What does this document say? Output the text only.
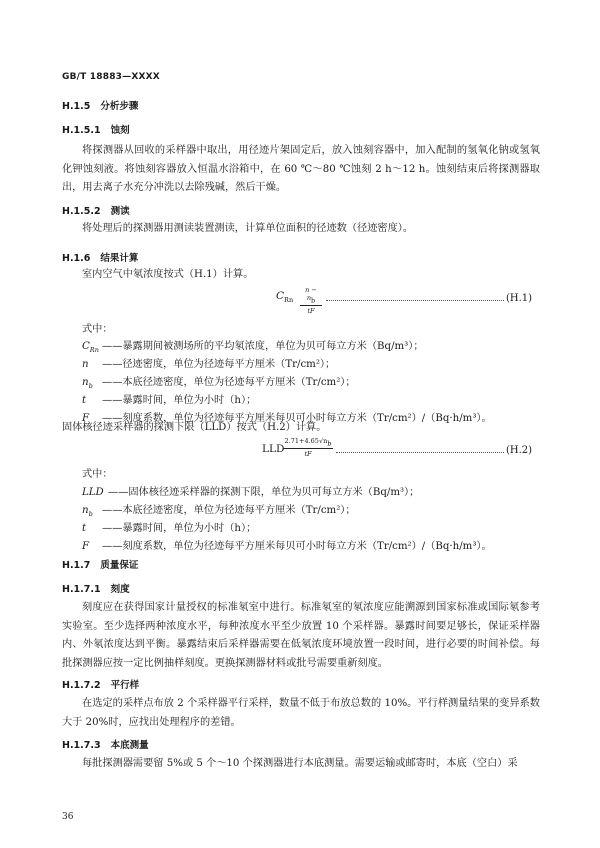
GB/T 18883—XXXX
H.1.5 分析步骤
H.1.5.1 蚀刻
将探测器从回收的采样器中取出，用径迹片架固定后，放入蚀刻容器中，加入配制的氢氧化钠或氢氧化钾蚀刻液。将蚀刻容器放入恒温水浴箱中，在 60 ℃～80 ℃蚀刻 2 h～12 h。蚀刻结束后将探测器取出，用去离子水充分冲洗以去除残碱，然后干燥。
H.1.5.2 测读
将处理后的探测器用测读装置测读，计算单位面积的径迹数（径迹密度）。
H.1.6 结果计算
室内空气中氡浓度按式（H.1）计算。
$C_{Rn}$
$n - n_b$
tF
(H.1)
式中：
$C_{Rn}$ ——暴露期间被测场所的平均氡浓度，单位为贝可每立方米（Bq/m³）；
n ——径迹密度，单位为径迹每平方厘米（Tr/cm²）；
$n_b$ ——本底径迹密度，单位为径迹每平方厘米（Tr/cm²）；
t ——暴露时间，单位为小时（h）；
F ——刻度系数，单位为径迹每平方厘米每贝可小时每立方米（Tr/cm²）/（Bq·h/m³）。
固体核径迹采样器的探测下限（LLD）按式（H.2）计算。
LLD
$2.71+4.65√n_b$
tF	(H.2)
式中：
LLD ——固体核径迹采样器的探测下限，单位为贝可每立方米（Bq/m³）；
$n_b$ ——本底径迹密度，单位为径迹每平方厘米（Tr/cm²）；
t ——暴露时间，单位为小时（h）；
F ——刻度系数，单位为径迹每平方厘米每贝可小时每立方米（Tr/cm²）/（Bq·h/m³）。
H.1.7 质量保证
H.1.7.1 刻度
刻度应在获得国家计量授权的标准氡室中进行。标准氡室的氡浓度应能溯源到国家标准或国际氡参考实验室。至少选择两种浓度水平，每种浓度水平至少放置 10 个采样器。暴露时间要足够长，保证采样器内、外氡浓度达到平衡。暴露结束后采样器需要在低氡浓度环境放置一段时间，进行必要的时间补偿。每批探测器应按一定比例抽样刻度。更换探测器材料或批号需要重新刻度。
H.1.7.2 平行样
在选定的采样点布放 2 个采样器平行采样，数量不低于布放总数的 10%。平行样测量结果的变异系数大于 20%时，应找出处理程序的差错。
H.1.7.3 本底测量
每批探测器需要留 5%或 5 个～10 个探测器进行本底测量。需要运输或邮寄时，本底（空白）采
36
